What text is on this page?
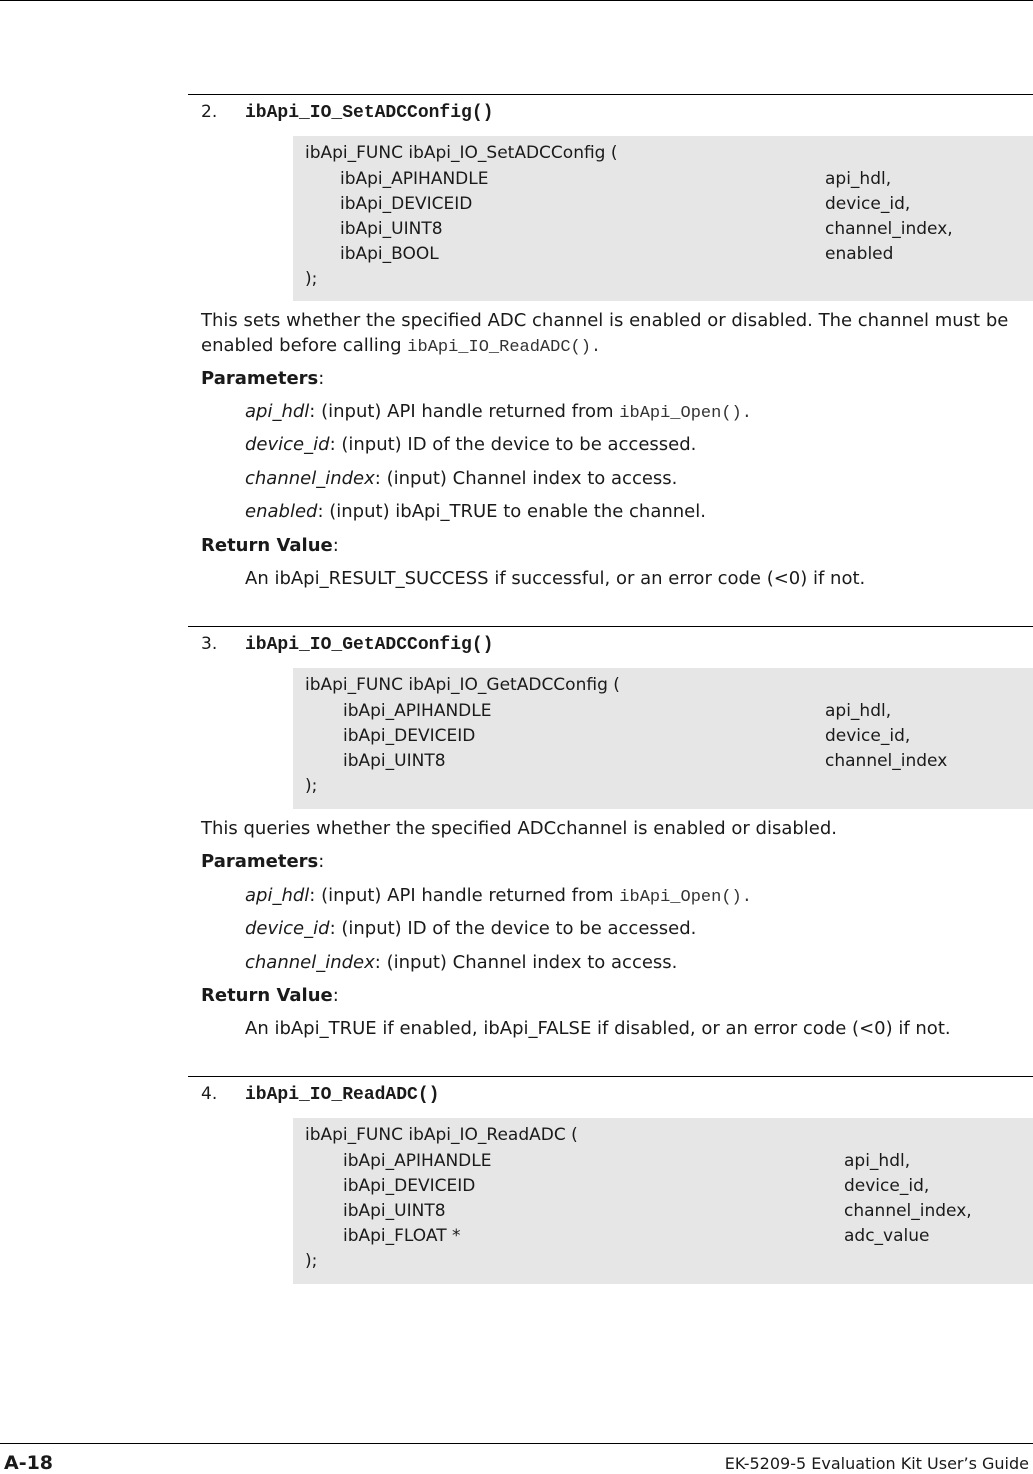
2. ibApi_IO_SetADCConfig()
ibApi_FUNC ibApi_IO_SetADCConfig (
ibApi_APIHANDLE	api_hdl,
ibApi_DEVICEID	device_id,
ibApi_UINT8	channel_index,
ibApi_BOOL	enabled
);
This sets whether the specified ADC channel is enabled or disabled. The channel must be
enabled before calling ibApi_IO_ReadADC().
Parameters:
api_hdl: (input) API handle returned from ibApi_Open().
device_id: (input) ID of the device to be accessed.
channel_index: (input) Channel index to access.
enabled: (input) ibApi_TRUE to enable the channel.
Return Value:
An ibApi_RESULT_SUCCESS if successful, or an error code (<0) if not.
3. ibApi_IO_GetADCConfig()
ibApi_FUNC ibApi_IO_GetADCConfig (
ibApi_APIHANDLE	api_hdl,
ibApi_DEVICEID	device_id,
ibApi_UINT8	channel_index
);
This queries whether the specified ADCchannel is enabled or disabled.
Parameters:
api_hdl: (input) API handle returned from ibApi_Open().
device_id: (input) ID of the device to be accessed.
channel_index: (input) Channel index to access.
Return Value:
An ibApi_TRUE if enabled, ibApi_FALSE if disabled, or an error code (<0) if not.
4. ibApi_IO_ReadADC()
ibApi_FUNC ibApi_IO_ReadADC (
ibApi_APIHANDLE	api_hdl,
ibApi_DEVICEID	device_id,
ibApi_UINT8	channel_index,
ibApi_FLOAT *	adc_value
);
A-18	EK-5209-5 Evaluation Kit User’s Guide
